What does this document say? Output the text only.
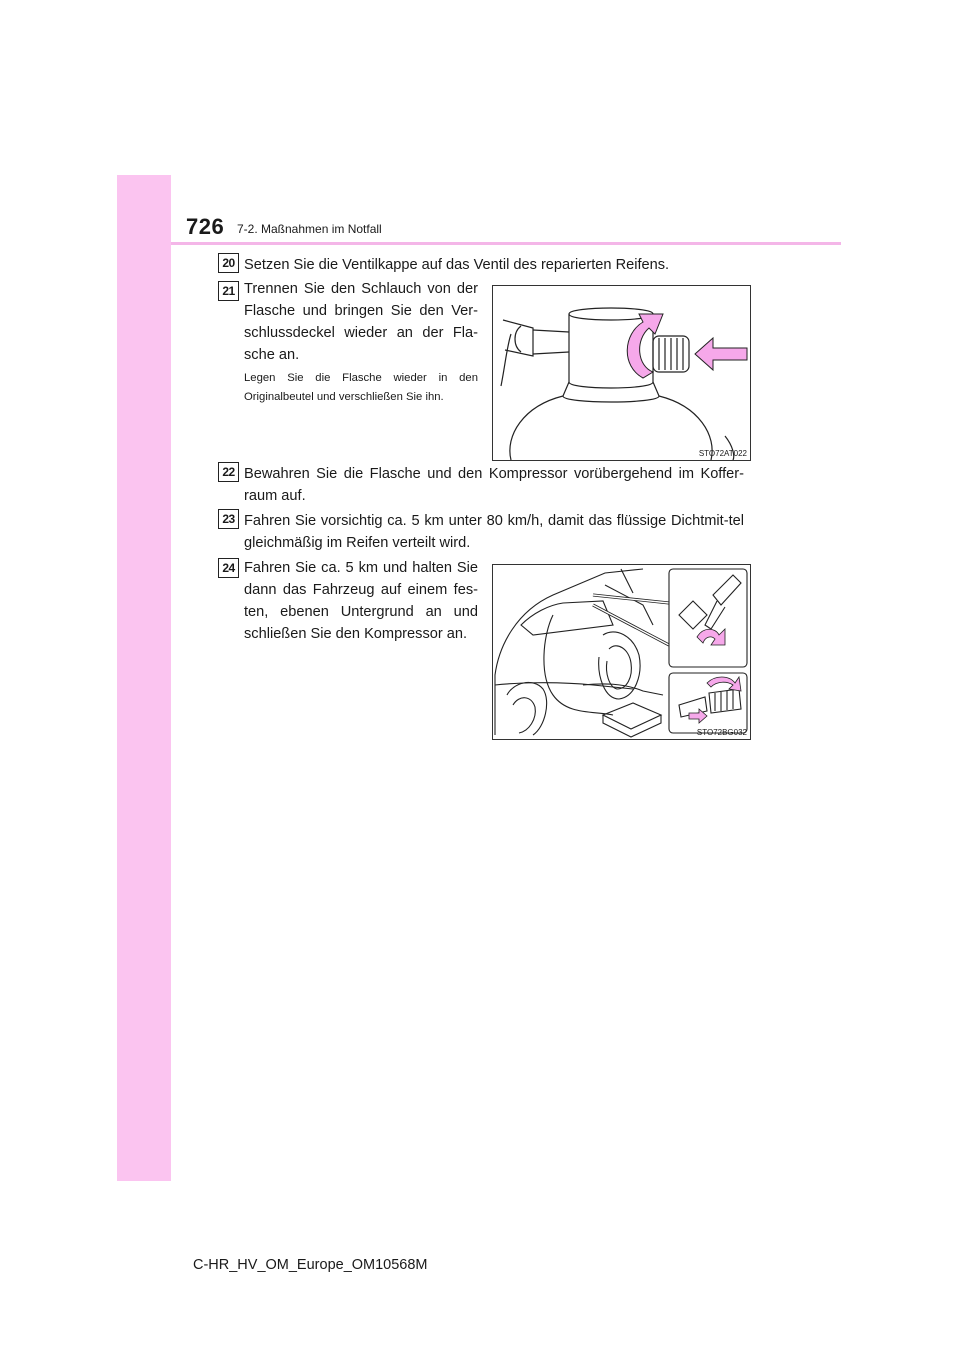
726 7-2. Maßnahmen im Notfall
20 Setzen Sie die Ventilkappe auf das Ventil des reparierten Reifens.
21 Trennen Sie den Schlauch von der Flasche und bringen Sie den Ver-schlussdeckel wieder an der Fla-sche an.
Legen Sie die Flasche wieder in den Originalbeutel und verschließen Sie ihn.
STO72AT022
22 Bewahren Sie die Flasche und den Kompressor vorübergehend im Koffer-raum auf.
23 Fahren Sie vorsichtig ca. 5 km unter 80 km/h, damit das flüssige Dichtmit-tel gleichmäßig im Reifen verteilt wird.
24 Fahren Sie ca. 5 km und halten Sie dann das Fahrzeug auf einem fes-ten, ebenen Untergrund an und schließen Sie den Kompressor an.
STO72BG032
C-HR_HV_OM_Europe_OM10568M
